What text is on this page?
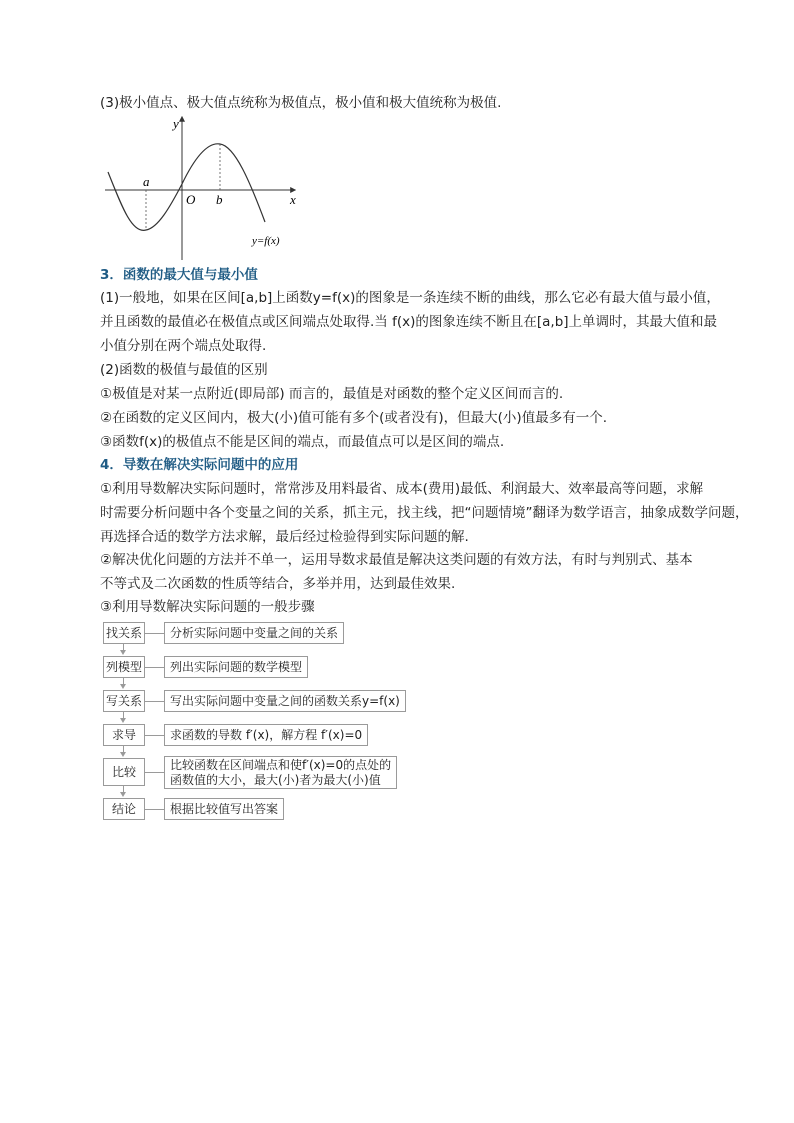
(3)极小值点、极大值点统称为极值点，极小值和极大值统称为极值.
y
x
O
a
b
y=f(x)
3．函数的最大值与最小值
(1)一般地，如果在区间[a,b]上函数y=f(x)的图象是一条连续不断的曲线，那么它必有最大值与最小值，
并且函数的最值必在极值点或区间端点处取得.当 f(x)的图象连续不断且在[a,b]上单调时，其最大值和最
小值分别在两个端点处取得.
(2)函数的极值与最值的区别
①极值是对某一点附近(即局部) 而言的，最值是对函数的整个定义区间而言的.
②在函数的定义区间内，极大(小)值可能有多个(或者没有)，但最大(小)值最多有一个.
③函数f(x)的极值点不能是区间的端点，而最值点可以是区间的端点.
4．导数在解决实际问题中的应用
①利用导数解决实际问题时，常常涉及用料最省、成本(费用)最低、利润最大、效率最高等问题，求解
时需要分析问题中各个变量之间的关系，抓主元，找主线，把“问题情境”翻译为数学语言，抽象成数学问题，
再选择合适的数学方法求解，最后经过检验得到实际问题的解.
②解决优化问题的方法并不单一，运用导数求最值是解决这类问题的有效方法，有时与判别式、基本
不等式及二次函数的性质等结合，多举并用，达到最佳效果.
③利用导数解决实际问题的一般步骤
找关系	分析实际问题中变量之间的关系
列模型	列出实际问题的数学模型
写关系	写出实际问题中变量之间的函数关系y=f(x)
求导	求函数的导数 f′(x)，解方程 f′(x)=0
比较	比较函数在区间端点和使f′(x)=0的点处的
函数值的大小，最大(小)者为最大(小)值
结论	根据比较值写出答案
